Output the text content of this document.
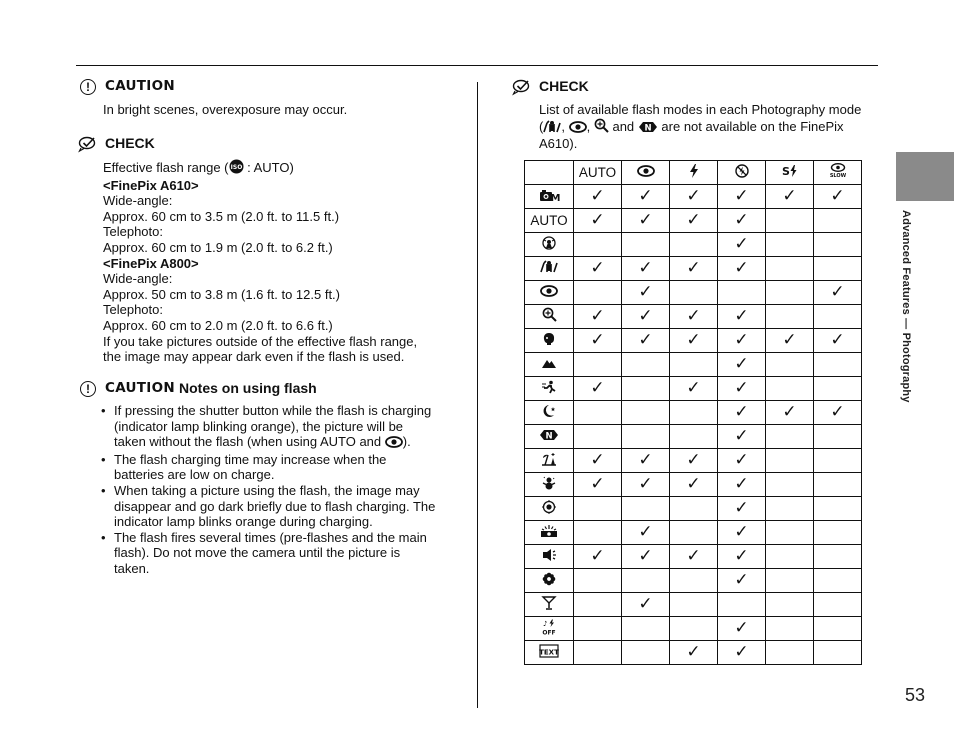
Advanced Features — Photography
53
!	CAUTION

In bright scenes, overexposure may occur.

CHECK

Effective flash range ( ISO : AUTO)

<FinePix A610>

Wide-angle:

Approx. 60 cm to 3.5 m (2.0 ft. to 11.5 ft.)

Telephoto:

Approx. 60 cm to 1.9 m (2.0 ft. to 6.2 ft.)

<FinePix A800>

Wide-angle:

Approx. 50 cm to 3.8 m (1.6 ft. to 12.5 ft.)

Telephoto:

Approx. 60 cm to 2.0 m (2.0 ft. to 6.6 ft.)

If you take pictures outside of the effective flash range,

the image may appear dark even if the flash is used.

!	CAUTION Notes on using flash
• If pressing the shutter button while the flash is charging
(indicator lamp blinking orange), the picture will be
taken without the flash (when using AUTO and ).
• The flash charging time may increase when the
batteries are low on charge.
• When taking a picture using the flash, the image may
disappear and go dark briefly due to flash charging. The
indicator lamp blinks orange during charging.
• The flash fires several times (pre-flashes and the main
flash). Do not move the camera until the picture is
taken.
CHECK

List of available flash modes in each Photography mode

( , , and N are not available on the FinePix

A610).

	AUTO				S	SLOW

M	✓	✓	✓	✓	✓	✓
AUTO	✓	✓	✓	✓		

				✓		

	✓	✓	✓	✓		

		✓				✓

	✓	✓	✓	✓		

	✓	✓	✓	✓	✓	✓

				✓		

	✓		✓	✓		

				✓	✓	✓

N				✓		

	✓	✓	✓	✓		

	✓	✓	✓	✓		

				✓		

		✓		✓		

	✓	✓	✓	✓		

				✓		

		✓				

♪
OFF				✓		

TEXT			✓	✓		
